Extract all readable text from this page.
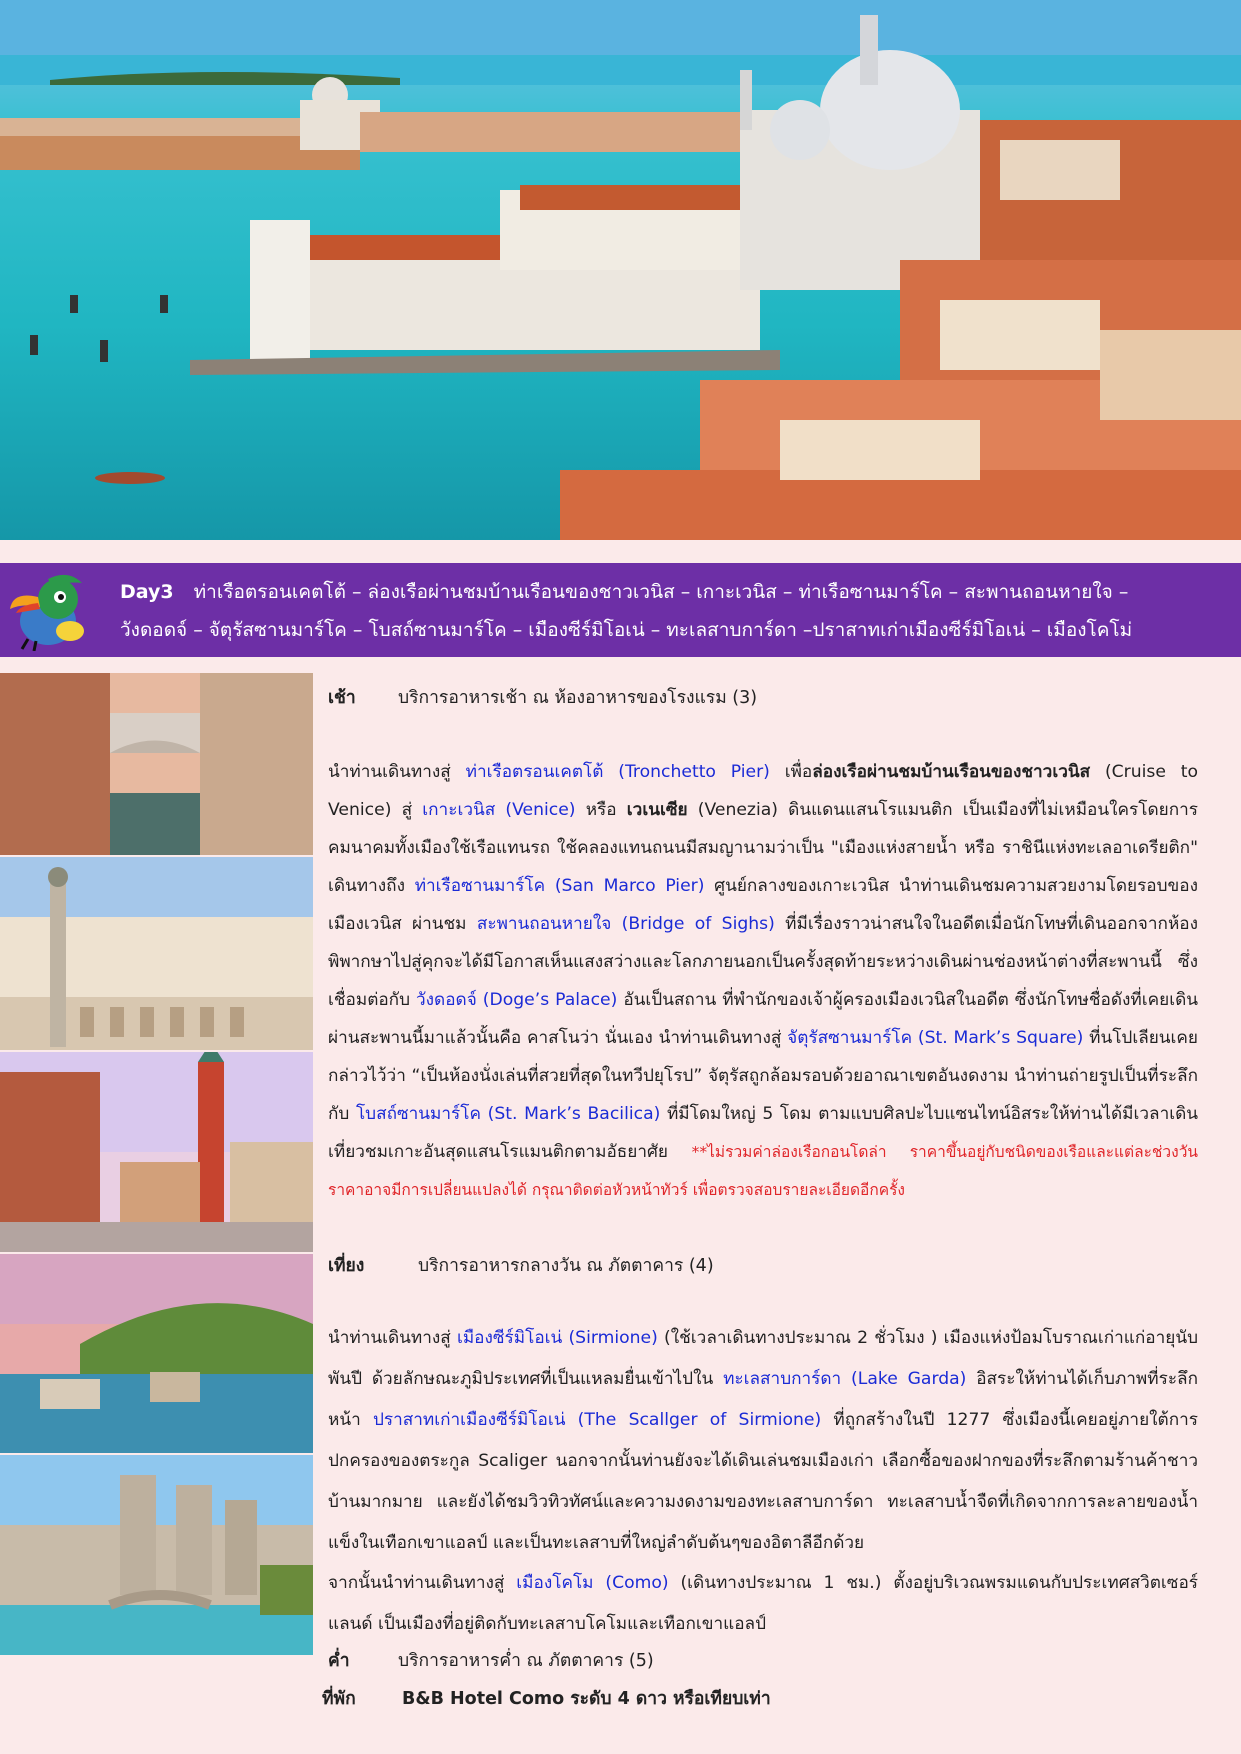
Day3 ท่าเรือตรอนเคตโต้ – ล่องเรือผ่านชมบ้านเรือนของชาวเวนิส – เกาะเวนิส – ท่าเรือซานมาร์โค – สะพานถอนหายใจ –
วังดอดจ์ – จัตุรัสซานมาร์โค – โบสถ์ซานมาร์โค – เมืองซีร์มิโอเน่ – ทะเลสาบการ์ดา –ปราสาทเก่าเมืองซีร์มิโอเน่ – เมืองโคโม่
เช้า บริการอาหารเช้า ณ ห้องอาหารของโรงแรม (3)
นำท่านเดินทางสู่ ท่าเรือตรอนเคตโต้ (Tronchetto Pier) เพื่อล่องเรือผ่านชมบ้านเรือนของชาวเวนิส (Cruise to Venice) สู่ เกาะเวนิส (Venice) หรือ เวเนเซีย (Venezia) ดินแดนแสนโรแมนติก เป็นเมืองที่ไม่เหมือนใครโดยการคมนาคมทั้งเมืองใช้เรือแทนรถ ใช้คลองแทนถนนมีสมญานามว่าเป็น "เมืองแห่งสายน้ำ หรือ ราชินีแห่งทะเลอาเดรียติก" เดินทางถึง ท่าเรือซานมาร์โค (San Marco Pier) ศูนย์กลางของเกาะเวนิส นำท่านเดินชมความสวยงามโดยรอบของเมืองเวนิส ผ่านชม สะพานถอนหายใจ (Bridge of Sighs) ที่มีเรื่องราวน่าสนใจในอดีตเมื่อนักโทษที่เดินออกจากห้องพิพากษาไปสู่คุกจะได้มีโอกาสเห็นแสงสว่างและโลกภายนอกเป็นครั้งสุดท้ายระหว่างเดินผ่านช่องหน้าต่างที่สะพานนี้ ซึ่งเชื่อมต่อกับ วังดอดจ์ (Doge’s Palace) อันเป็นสถาน ที่พำนักของเจ้าผู้ครองเมืองเวนิสในอดีต ซึ่งนักโทษชื่อดังที่เคยเดินผ่านสะพานนี้มาแล้วนั้นคือ คาสโนว่า นั่นเอง นำท่านเดินทางสู่ จัตุรัสซานมาร์โค (St. Mark’s Square) ที่นโปเลียนเคยกล่าวไว้ว่า “เป็นห้องนั่งเล่นที่สวยที่สุดในทวีปยุโรป” จัตุรัสถูกล้อมรอบด้วยอาณาเขตอันงดงาม นำท่านถ่ายรูปเป็นที่ระลึกกับ โบสถ์ซานมาร์โค (St. Mark’s Bacilica) ที่มีโดมใหญ่ 5 โดม ตามแบบศิลปะไบแซนไทน์อิสระให้ท่านได้มีเวลาเดินเที่ยวชมเกาะอันสุดแสนโรแมนติกตามอัธยาศัย **ไม่รวมค่าล่องเรือกอนโดล่า ราคาขึ้นอยู่กับชนิดของเรือและแต่ละช่วงวัน ราคาอาจมีการเปลี่ยนแปลงได้ กรุณาติดต่อหัวหน้าทัวร์ เพื่อตรวจสอบรายละเอียดอีกครั้ง
เที่ยง	บริการอาหารกลางวัน ณ ภัตตาคาร (4)
นำท่านเดินทางสู่ เมืองซีร์มิโอเน่ (Sirmione) (ใช้เวลาเดินทางประมาณ 2 ชั่วโมง ) เมืองแห่งป้อมโบราณเก่าแก่อายุนับพันปี ด้วยลักษณะภูมิประเทศที่เป็นแหลมยื่นเข้าไปใน ทะเลสาบการ์ดา (Lake Garda) อิสระให้ท่านได้เก็บภาพที่ระลึกหน้า ปราสาทเก่าเมืองซีร์มิโอเน่ (The Scallger of Sirmione) ที่ถูกสร้างในปี 1277 ซึ่งเมืองนี้เคยอยู่ภายใต้การปกครองของตระกูล Scaliger นอกจากนั้นท่านยังจะได้เดินเล่นชมเมืองเก่า เลือกซื้อของฝากของที่ระลึกตามร้านค้าชาวบ้านมากมาย และยังได้ชมวิวทิวทัศน์และความงดงามของทะเลสาบการ์ดา ทะเลสาบน้ำจืดที่เกิดจากการละลายของน้ำแข็งในเทือกเขาแอลป์ และเป็นทะเลสาบที่ใหญ่ลำดับต้นๆของอิตาลีอีกด้วย
จากนั้นนำท่านเดินทางสู่ เมืองโคโม (Como) (เดินทางประมาณ 1 ชม.) ตั้งอยู่บริเวณพรมแดนกับประเทศสวิตเซอร์แลนด์ เป็นเมืองที่อยู่ติดกับทะเลสาบโคโมและเทือกเขาแอลป์
ค่ำ	บริการอาหารค่ำ ณ ภัตตาคาร (5)
ที่พัก	B&B Hotel Como ระดับ 4 ดาว หรือเทียบเท่า
